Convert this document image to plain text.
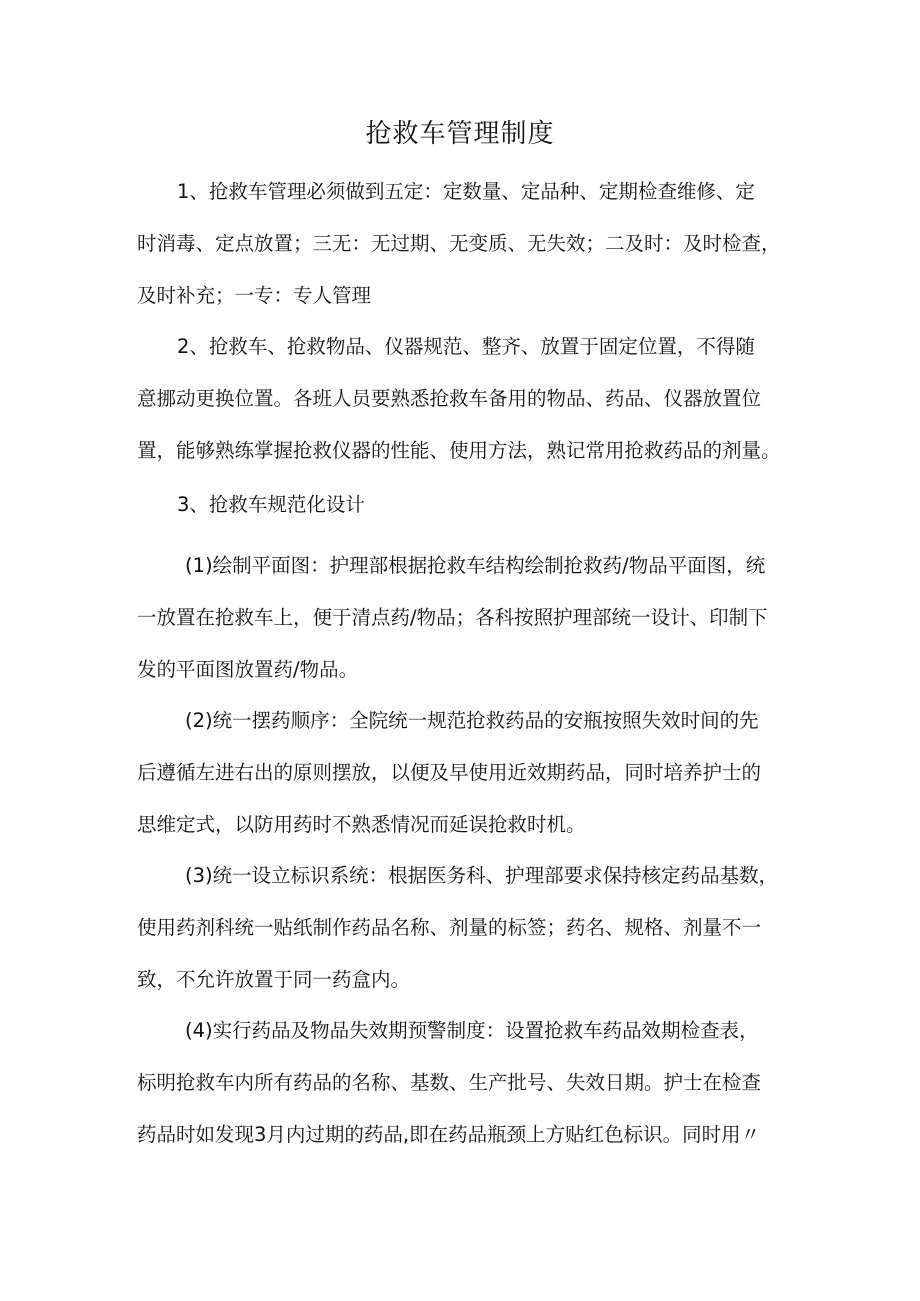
抢救车管理制度

1、抢救车管理必须做到五定：定数量、定品种、定期检查维修、定
时消毒、定点放置；三无：无过期、无变质、无失效；二及时：及时检查，
及时补充；一专：专人管理

2、抢救车、抢救物品、仪器规范、整齐、放置于固定位置，不得随
意挪动更换位置。各班人员要熟悉抢救车备用的物品、药品、仪器放置位
置，能够熟练掌握抢救仪器的性能、使用方法，熟记常用抢救药品的剂量。

3、抢救车规范化设计

(1)绘制平面图：护理部根据抢救车结构绘制抢救药/物品平面图，统
一放置在抢救车上，便于清点药/物品；各科按照护理部统一设计、印制下
发的平面图放置药/物品。

(2)统一摆药顺序：全院统一规范抢救药品的安瓶按照失效时间的先
后遵循左进右出的原则摆放，以便及早使用近效期药品，同时培养护士的
思维定式，以防用药时不熟悉情况而延误抢救时机。

(3)统一设立标识系统：根据医务科、护理部要求保持核定药品基数，
使用药剂科统一贴纸制作药品名称、剂量的标签；药名、规格、剂量不一
致，不允许放置于同一药盒内。

(4)实行药品及物品失效期预警制度：设置抢救车药品效期检查表，
标明抢救车内所有药品的名称、基数、生产批号、失效日期。护士在检查
药品时如发现3月内过期的药品,即在药品瓶颈上方贴红色标识。同时用〃
